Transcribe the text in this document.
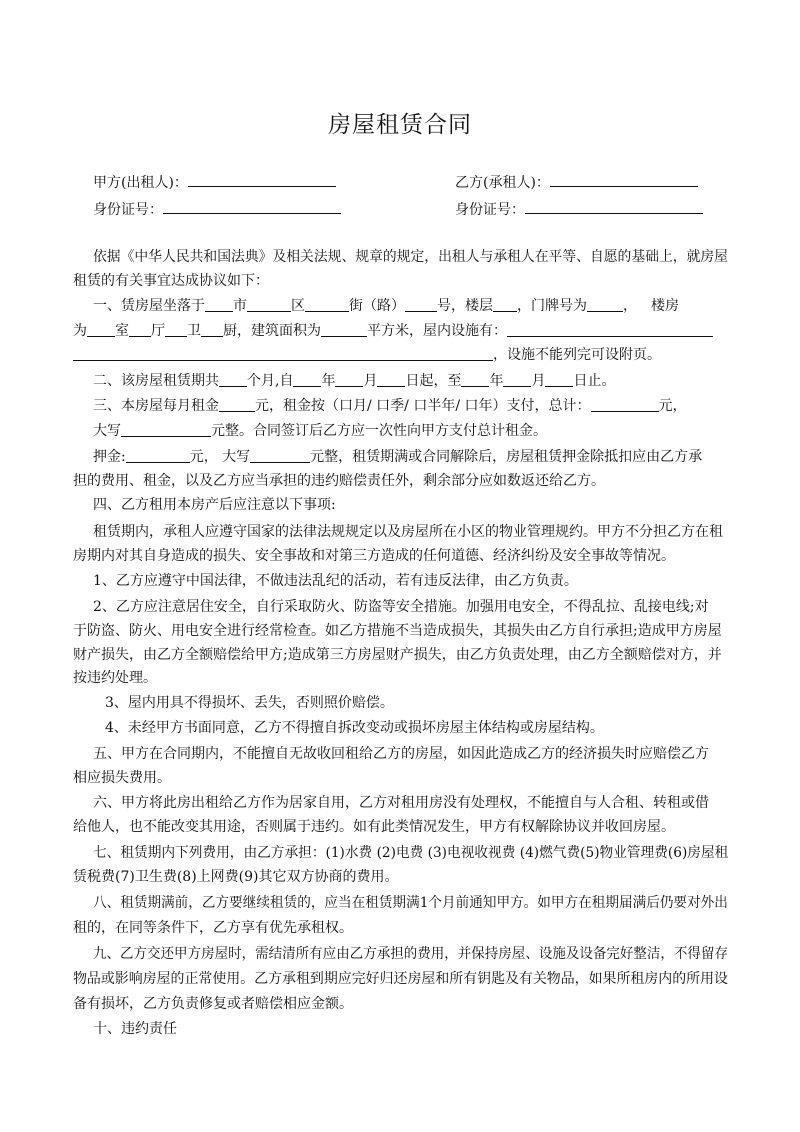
房屋租赁合同
甲方(出租人)：
身份证号：
乙方(承租人)：
身份证号：
依据《中华人民共和国法典》及相关法规、规章的规定，出租人与承租人在平等、自愿的基础上，就房屋
租赁的有关事宜达成协议如下：
一、赁房屋坐落于 市	区	街（路） 号，楼层 ，门牌号为	， 楼房
为 室 厅 卫 厨，建筑面积为	平方米，屋内设施有：
，设施不能列完可设附页。
二、该房屋租赁期共 个月,自 年 月 日起，至 年 月 日止。
三、本房屋每月租金	元，租金按（口月/ 口季/ 口半年/ 口年）支付，总计：	元，
大写	元整。合同签订后乙方应一次性向甲方支付总计租金。
押金:	元， 大写	元整，租赁期满或合同解除后，房屋租赁押金除抵扣应由乙方承
担的费用、租金，以及乙方应当承担的违约赔偿责任外，剩余部分应如数返还给乙方。
四、乙方租用本房产后应注意以下事项:
租赁期内，承租人应遵守国家的法律法规规定以及房屋所在小区的物业管理规约。甲方不分担乙方在租
房期内对其自身造成的损失、安全事故和对第三方造成的任何道德、经济纠纷及安全事故等情况。
1、乙方应遵守中国法律，不做违法乱纪的活动，若有违反法律，由乙方负责。
2、乙方应注意居住安全，自行采取防火、防盗等安全措施。加强用电安全，不得乱拉、乱接电线;对
于防盗、防火、用电安全进行经常检查。如乙方措施不当造成损失，其损失由乙方自行承担;造成甲方房屋
财产损失，由乙方全额赔偿给甲方;造成第三方房屋财产损失，由乙方负责处理，由乙方全额赔偿对方，并
按违约处理。
3、屋内用具不得损坏、丢失，否则照价赔偿。
4、未经甲方书面同意，乙方不得擅自拆改变动或损坏房屋主体结构或房屋结构。
五、甲方在合同期内，不能擅自无故收回租给乙方的房屋，如因此造成乙方的经济损失时应赔偿乙方
相应损失费用。
六、甲方将此房出租给乙方作为居家自用，乙方对租用房没有处理权，不能擅自与人合租、转租或借
给他人，也不能改变其用途，否则属于违约。如有此类情况发生，甲方有权解除协议并收回房屋。
七、租赁期内下列费用，由乙方承担：(1)水费 (2)电费 (3)电视收视费 (4)燃气费(5)物业管理费(6)房屋租
赁税费(7)卫生费(8)上网费(9)其它双方协商的费用。
八、租赁期满前，乙方要继续租赁的，应当在租赁期满1个月前通知甲方。如甲方在租期届满后仍要对外出
租的，在同等条件下，乙方享有优先承租权。
九、乙方交还甲方房屋时，需结清所有应由乙方承担的费用，并保持房屋、设施及设备完好整洁，不得留存
物品或影响房屋的正常使用。乙方承租到期应完好归还房屋和所有钥匙及有关物品，如果所租房内的所用设
备有损坏，乙方负责修复或者赔偿相应金额。
十、违约责任
